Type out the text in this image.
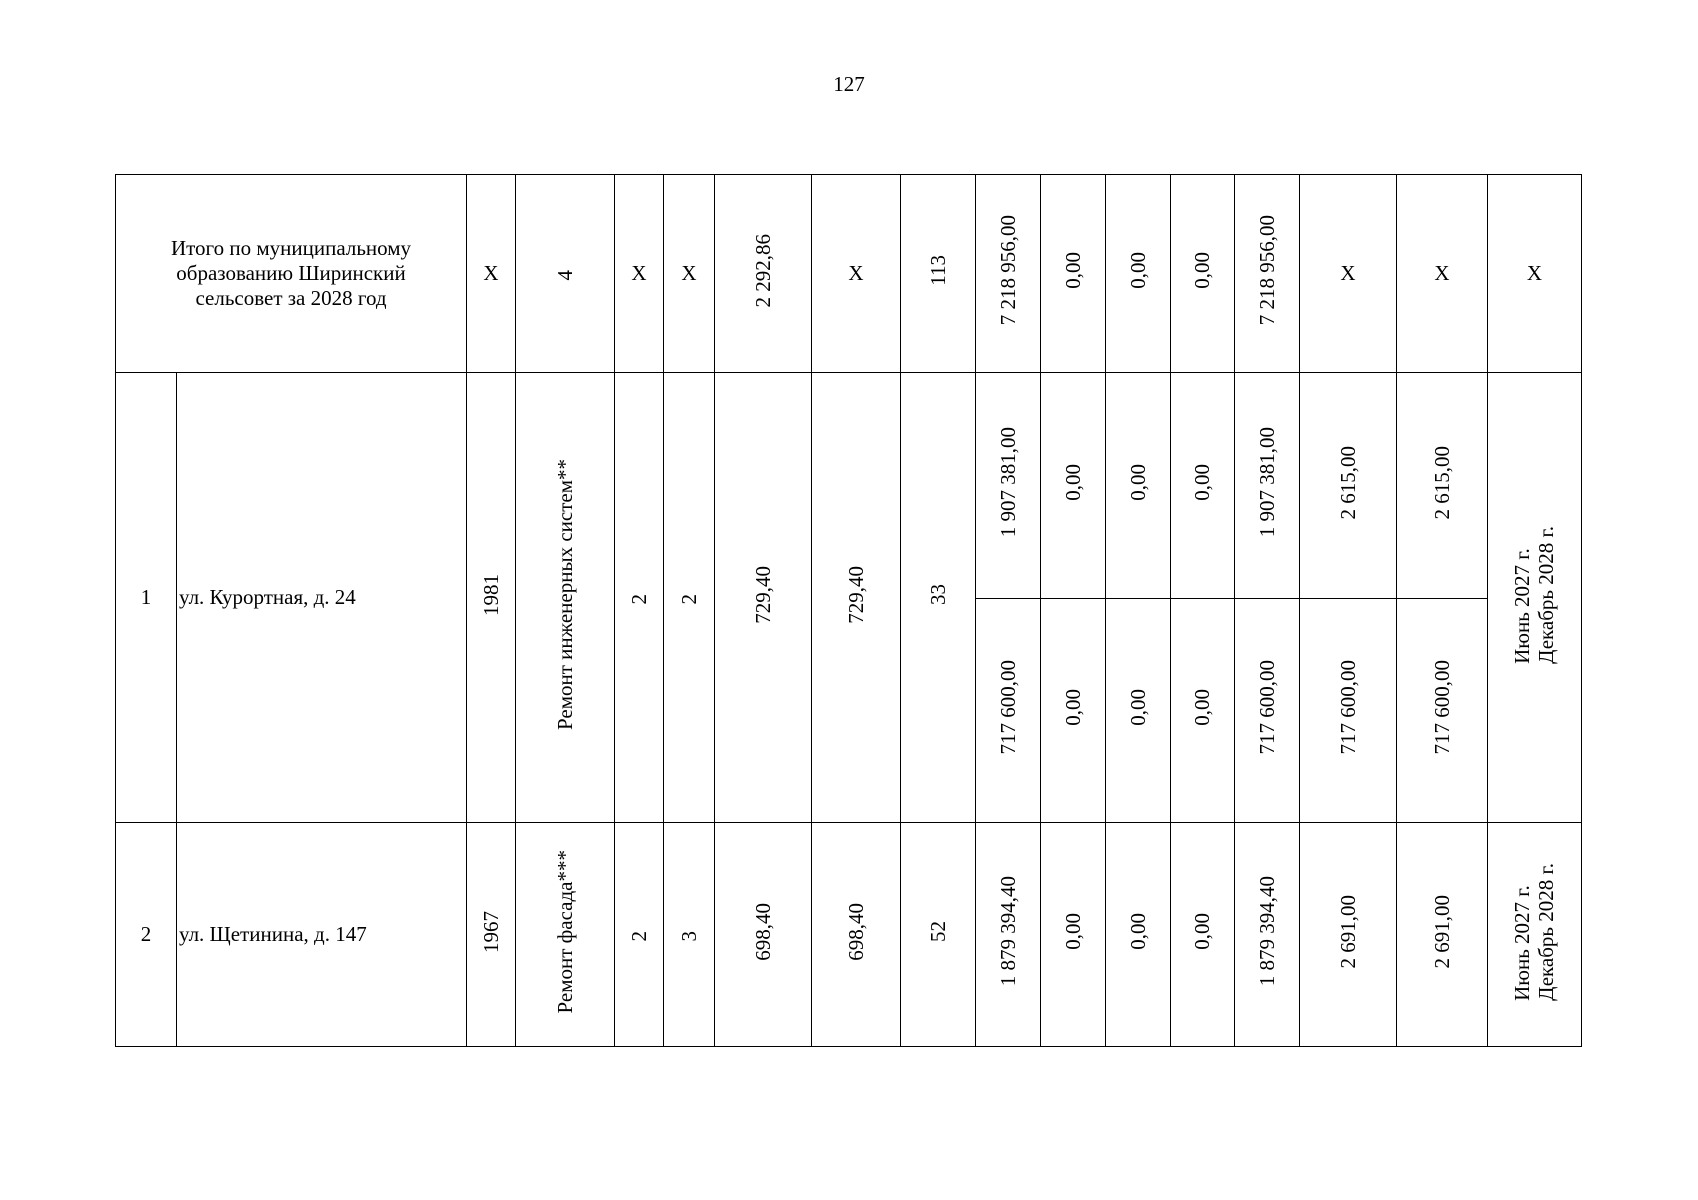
127
Итого по муниципальному образованию Ширинский сельсовет за 2028 год		Х	4	Х	Х	2 292,86	Х	113	7 218 956,00	0,00	0,00	0,00	7 218 956,00	Х	Х	Х
1	ул. Курортная, д. 24	1981	Ремонт инженерных систем**	2	2	729,40	729,40	33	1 907 381,00	0,00	0,00	0,00	1 907 381,00	2 615,00	2 615,00	Июнь 2027 г.
Декабрь 2028 г.
									717 600,00	0,00	0,00	0,00	717 600,00	717 600,00	717 600,00	
2	ул. Щетинина, д. 147	1967	Ремонт фасада***	2	3	698,40	698,40	52	1 879 394,40	0,00	0,00	0,00	1 879 394,40	2 691,00	2 691,00	Июнь 2027 г.
Декабрь 2028 г.
